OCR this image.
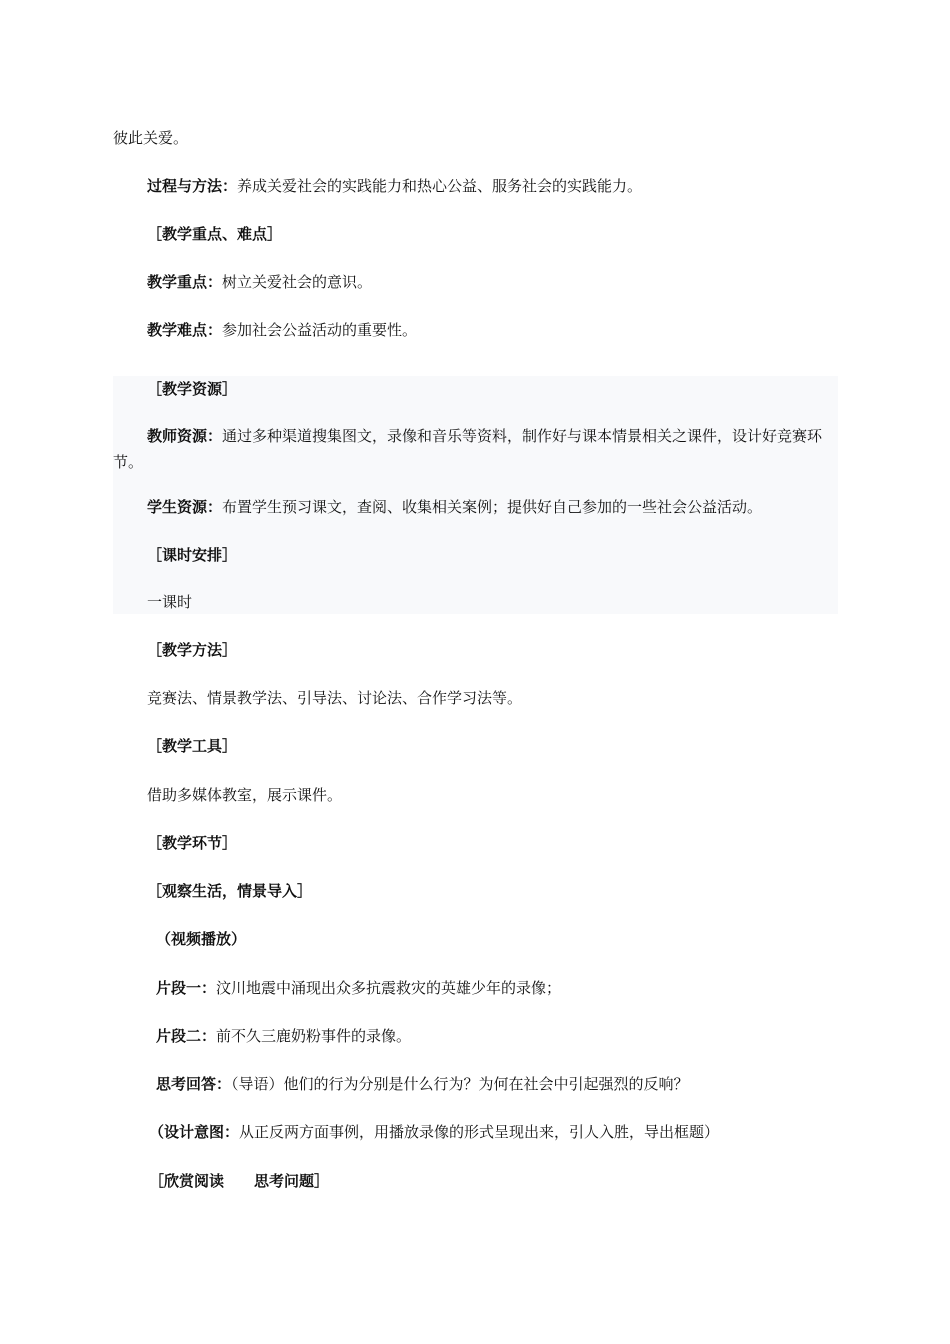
彼此关爱。
过程与方法：养成关爱社会的实践能力和热心公益、服务社会的实践能力。
［教学重点、难点］
教学重点：树立关爱社会的意识。
教学难点：参加社会公益活动的重要性。
［教学资源］
教师资源：通过多种渠道搜集图文，录像和音乐等资料，制作好与课本情景相关之课件，设计好竞赛环节。
学生资源：布置学生预习课文，查阅、收集相关案例；提供好自己参加的一些社会公益活动。
［课时安排］
一课时
［教学方法］
竞赛法、情景教学法、引导法、讨论法、合作学习法等。
［教学工具］
借助多媒体教室，展示课件。
［教学环节］
［观察生活，情景导入］
（视频播放）
片段一：汶川地震中涌现出众多抗震救灾的英雄少年的录像；
片段二：前不久三鹿奶粉事件的录像。
思考回答：（导语）他们的行为分别是什么行为？为何在社会中引起强烈的反响？
（设计意图：从正反两方面事例，用播放录像的形式呈现出来，引人入胜，导出框题）
［欣赏阅读　　思考问题］
